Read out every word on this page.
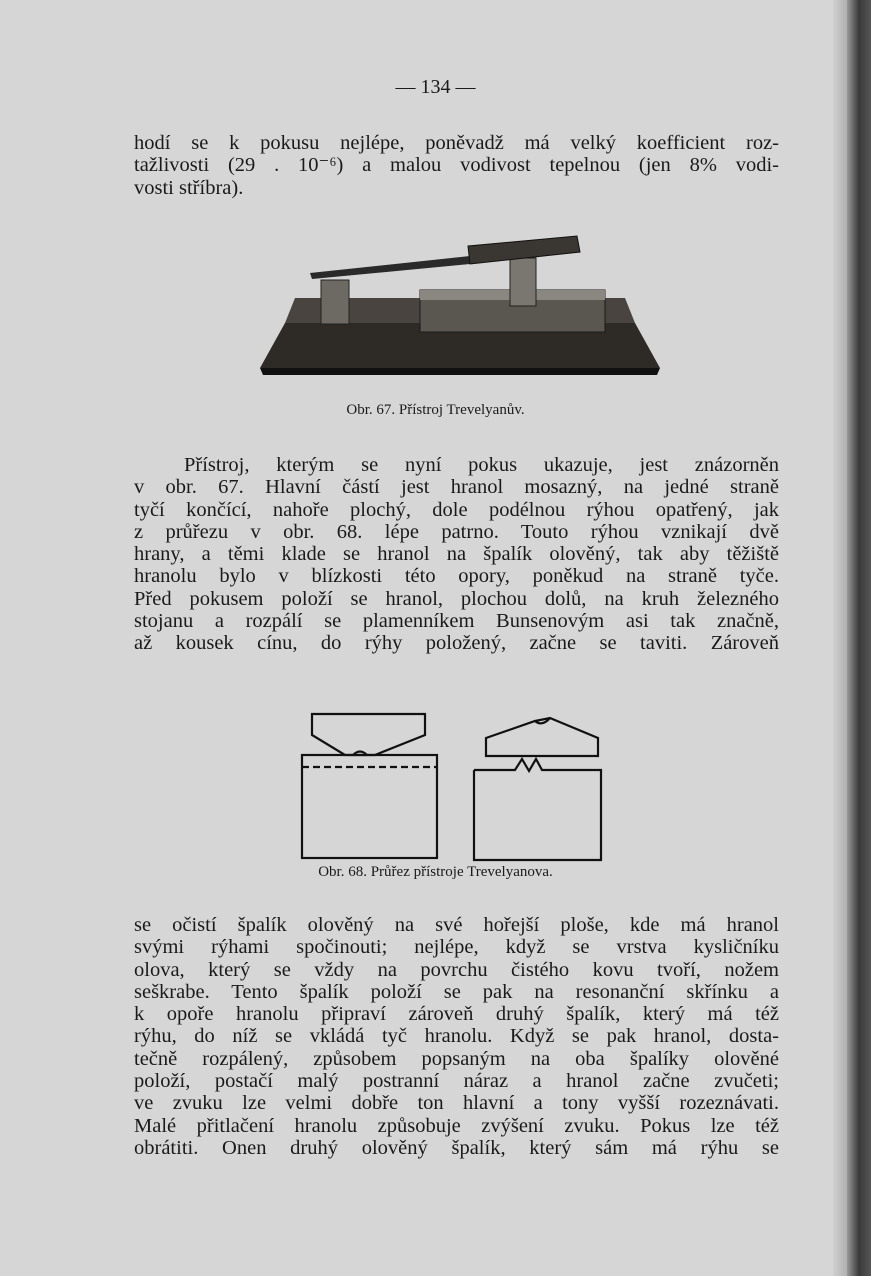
— 134 —
hodí se k pokusu nejlépe, poněvadž má velký koefficient roz-
tažlivosti (29 . 10⁻⁶) a malou vodivost tepelnou (jen 8% vodi-
vosti stříbra).
Obr. 67. Přístroj Trevelyanův.
Přístroj, kterým se nyní pokus ukazuje, jest znázorněn
v obr. 67. Hlavní částí jest hranol mosazný, na jedné straně
tyčí končící, nahoře plochý, dole podélnou rýhou opatřený, jak
z průřezu v obr. 68. lépe patrno. Touto rýhou vznikají dvě
hrany, a těmi klade se hranol na špalík olověný, tak aby těžiště
hranolu bylo v blízkosti této opory, poněkud na straně tyče.
Před pokusem položí se hranol, plochou dolů, na kruh železného
stojanu a rozpálí se plamenníkem Bunsenovým asi tak značně,
až kousek cínu, do rýhy položený, začne se taviti. Zároveň
Obr. 68. Průřez přístroje Trevelyanova.
se očistí špalík olověný na své hořejší ploše, kde má hranol
svými rýhami spočinouti; nejlépe, když se vrstva kysličníku
olova, který se vždy na povrchu čistého kovu tvoří, nožem
seškrabe. Tento špalík položí se pak na resonanční skřínku a
k opoře hranolu připraví zároveň druhý špalík, který má též
rýhu, do níž se vkládá tyč hranolu. Když se pak hranol, dosta-
tečně rozpálený, způsobem popsaným na oba špalíky olověné
položí, postačí malý postranní náraz a hranol začne zvučeti;
ve zvuku lze velmi dobře ton hlavní a tony vyšší rozeznávati.
Malé přitlačení hranolu způsobuje zvýšení zvuku. Pokus lze též
obrátiti. Onen druhý olověný špalík, který sám má rýhu se
